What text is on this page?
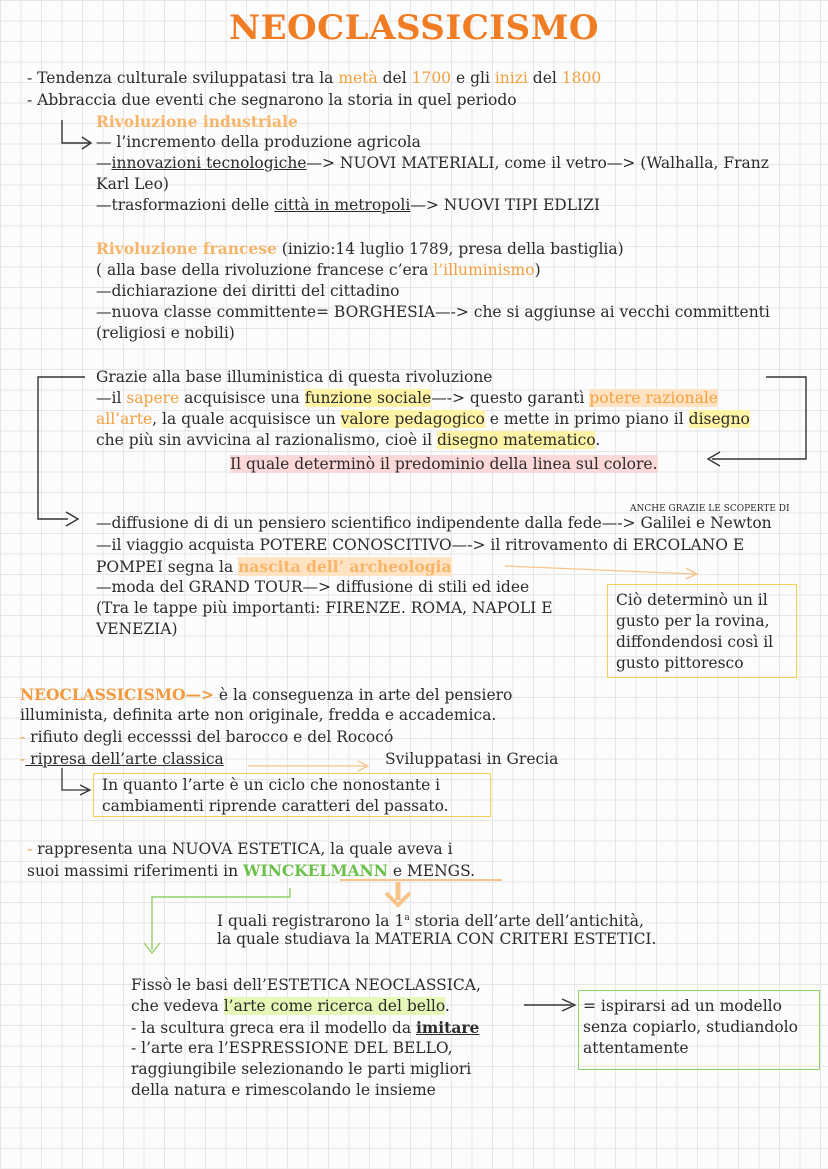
NEOCLASSICISMO
- Tendenza culturale sviluppatasi tra la metà del 1700 e gli inizi del 1800
- Abbraccia due eventi che segnarono la storia in quel periodo
Rivoluzione industriale
— l’incremento della produzione agricola
—innovazioni tecnologiche—> NUOVI MATERIALI, come il vetro—> (Walhalla, Franz
Karl Leo)
—trasformazioni delle città in metropoli—> NUOVI TIPI EDLIZI
Rivoluzione francese (inizio:14 luglio 1789, presa della bastiglia)
( alla base della rivoluzione francese c’era l’illuminismo)
—dichiarazione dei diritti del cittadino
—nuova classe committente= BORGHESIA—-> che si aggiunse ai vecchi committenti
(religiosi e nobili)
Grazie alla base illuministica di questa rivoluzione
—il sapere acquisisce una funzione sociale—-> questo garantì potere razionale
all’arte, la quale acquisisce un valore pedagogico e mette in primo piano il disegno
che più sin avvicina al razionalismo, cioè il disegno matematico.
Il quale determinò il predominio della linea sul colore.
ANCHE GRAZIE LE SCOPERTE DI
—diffusione di di un pensiero scientifico indipendente dalla fede—-> Galilei e Newton
—il viaggio acquista POTERE CONOSCITIVO—-> il ritrovamento di ERCOLANO E
POMPEI segna la nascita dell’ archeologia
—moda del GRAND TOUR—> diffusione di stili ed idee
(Tra le tappe più importanti: FIRENZE. ROMA, NAPOLI E
VENEZIA)
Ciò determinò un il gusto per la rovina, diffondendosi così il gusto pittoresco
NEOCLASSICISMO—> è la conseguenza in arte del pensiero
illuminista, definita arte non originale, fredda e accademica.
- rifiuto degli eccesssi del barocco e del Rococó
- ripresa dell’arte classica	Sviluppatasi in Grecia
In quanto l’arte è un ciclo che nonostante i cambiamenti riprende caratteri del passato.
- rappresenta una NUOVA ESTETICA, la quale aveva i
suoi massimi riferimenti in WINCKELMANN e MENGS.
I quali registrarono la 1$^a$ storia dell’arte dell’antichità,
la quale studiava la MATERIA CON CRITERI ESTETICI.
Fissò le basi dell’ESTETICA NEOCLASSICA,
che vedeva l’arte come ricerca del bello.
- la scultura greca era il modello da imitare
- l’arte era l’ESPRESSIONE DEL BELLO,
raggiungibile selezionando le parti migliori
della natura e rimescolando le insieme
= ispirarsi ad un modello senza copiarlo, studiandolo attentamente
